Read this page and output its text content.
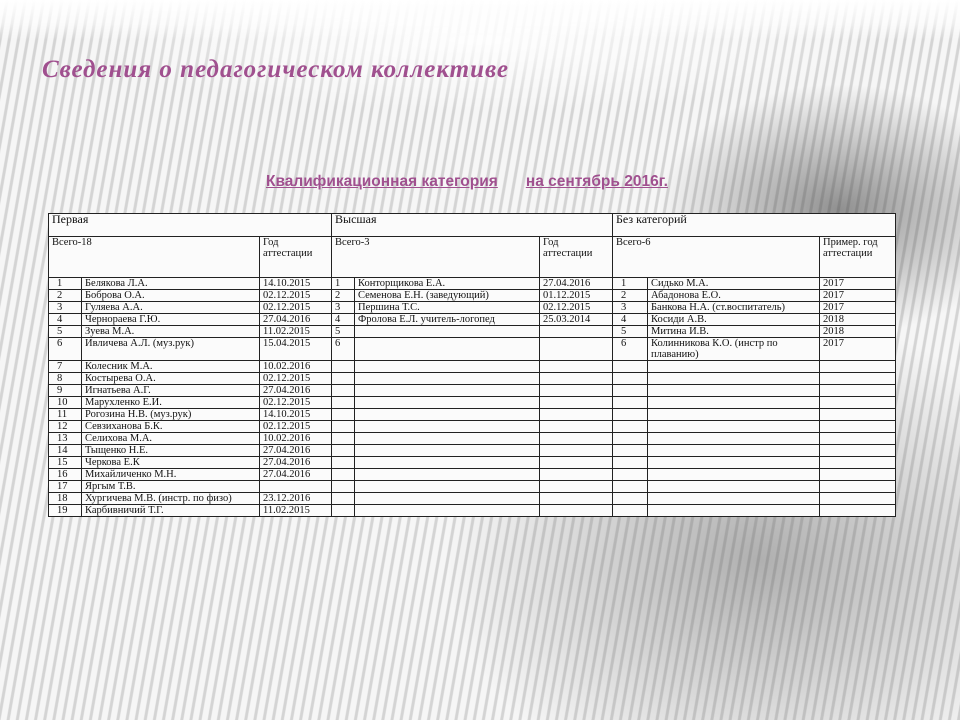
Сведения о педагогическом коллективе
Квалификационная категория на сентябрь 2016г.
Первая			Высшая			Без категорий		
Всего-18		Год аттестации	Всего-3		Год аттестации	Всего-6		Пример. год аттестации
1	Белякова Л.А.	14.10.2015	1	Конторщикова Е.А.	27.04.2016	1	Сидько М.А.	2017
2	Боброва О.А.	02.12.2015	2	Семенова Е.Н. (заведующий)	01.12.2015	2	Абадонова Е.О.	2017
3	Гуляева А.А.	02.12.2015	3	Першина Т.С.	02.12.2015	3	Банкова Н.А. (ст.воспитатель)	2017
4	Чернораева Г.Ю.	27.04.2016	4	Фролова Е.Л. учитель-логопед	25.03.2014	4	Косиди А.В.	2018
5	Зуева М.А.	11.02.2015	5			5	Митина И.В.	2018
6	Ивличева А.Л. (муз.рук)	15.04.2015	6			6	Колинникова К.О. (инстр по плаванию)	2017
7	Колесник М.А.	10.02.2016						
8	Костырева О.А.	02.12.2015						
9	Игнатьева А.Г.	27.04.2016						
10	Марухленко Е.И.	02.12.2015						
11	Рогозина Н.В. (муз.рук)	14.10.2015						
12	Севзиханова Б.К.	02.12.2015						
13	Селихова М.А.	10.02.2016						
14	Тыщенко Н.Е.	27.04.2016						
15	Черкова Е.К	27.04.2016						
16	Михайличенко М.Н.	27.04.2016						
17	Яргым Т.В.							
18	Хургичева М.В. (инстр. по физо)	23.12.2016						
19	Карбивничий Т.Г.	11.02.2015						
